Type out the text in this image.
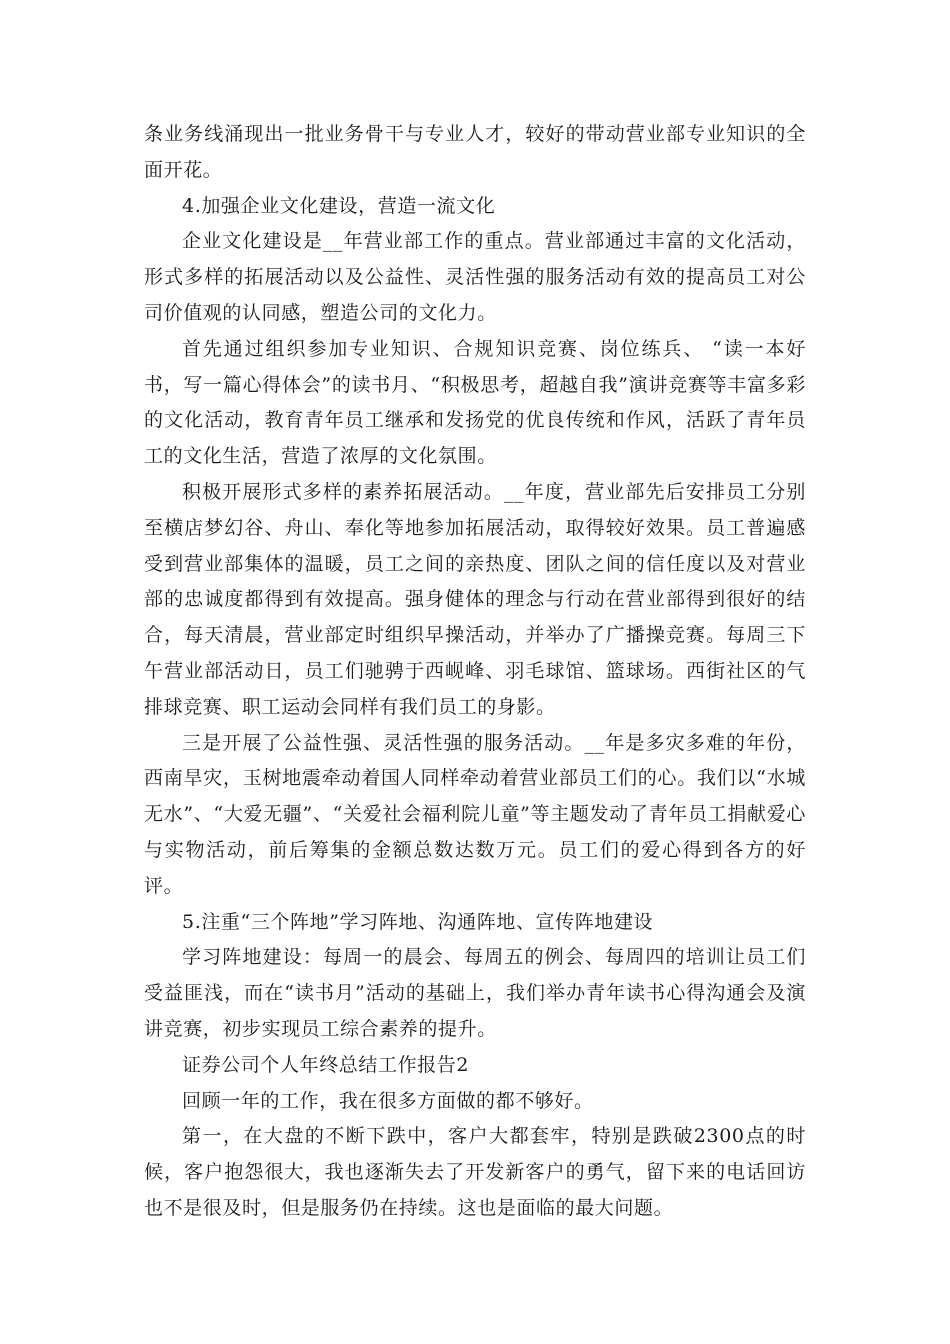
条业务线涌现出一批业务骨干与专业人才，较好的带动营业部专业知识的全面开花。

4.加强企业文化建设，营造一流文化

企业文化建设是__年营业部工作的重点。营业部通过丰富的文化活动，形式多样的拓展活动以及公益性、灵活性强的服务活动有效的提高员工对公司价值观的认同感，塑造公司的文化力。

首先通过组织参加专业知识、合规知识竞赛、岗位练兵、 “读一本好书，写一篇心得体会”的读书月、“积极思考，超越自我”演讲竞赛等丰富多彩的文化活动，教育青年员工继承和发扬党的优良传统和作风，活跃了青年员工的文化生活，营造了浓厚的文化氛围。

积极开展形式多样的素养拓展活动。__年度，营业部先后安排员工分别至横店梦幻谷、舟山、奉化等地参加拓展活动，取得较好效果。员工普遍感受到营业部集体的温暖，员工之间的亲热度、团队之间的信任度以及对营业部的忠诚度都得到有效提高。强身健体的理念与行动在营业部得到很好的结合，每天清晨，营业部定时组织早操活动，并举办了广播操竞赛。每周三下午营业部活动日，员工们驰骋于西岘峰、羽毛球馆、篮球场。西街社区的气排球竞赛、职工运动会同样有我们员工的身影。

三是开展了公益性强、灵活性强的服务活动。__年是多灾多难的年份，西南旱灾，玉树地震牵动着国人同样牵动着营业部员工们的心。我们以“水城无水”、“大爱无疆”、“关爱社会福利院儿童”等主题发动了青年员工捐献爱心与实物活动，前后筹集的金额总数达数万元。员工们的爱心得到各方的好评。

5.注重“三个阵地”学习阵地、沟通阵地、宣传阵地建设

学习阵地建设：每周一的晨会、每周五的例会、每周四的培训让员工们受益匪浅，而在“读书月”活动的基础上，我们举办青年读书心得沟通会及演讲竞赛，初步实现员工综合素养的提升。

证券公司个人年终总结工作报告2

回顾一年的工作，我在很多方面做的都不够好。

第一，在大盘的不断下跌中，客户大都套牢，特别是跌破2300点的时候，客户抱怨很大，我也逐渐失去了开发新客户的勇气，留下来的电话回访也不是很及时，但是服务仍在持续。这也是面临的最大问题。
